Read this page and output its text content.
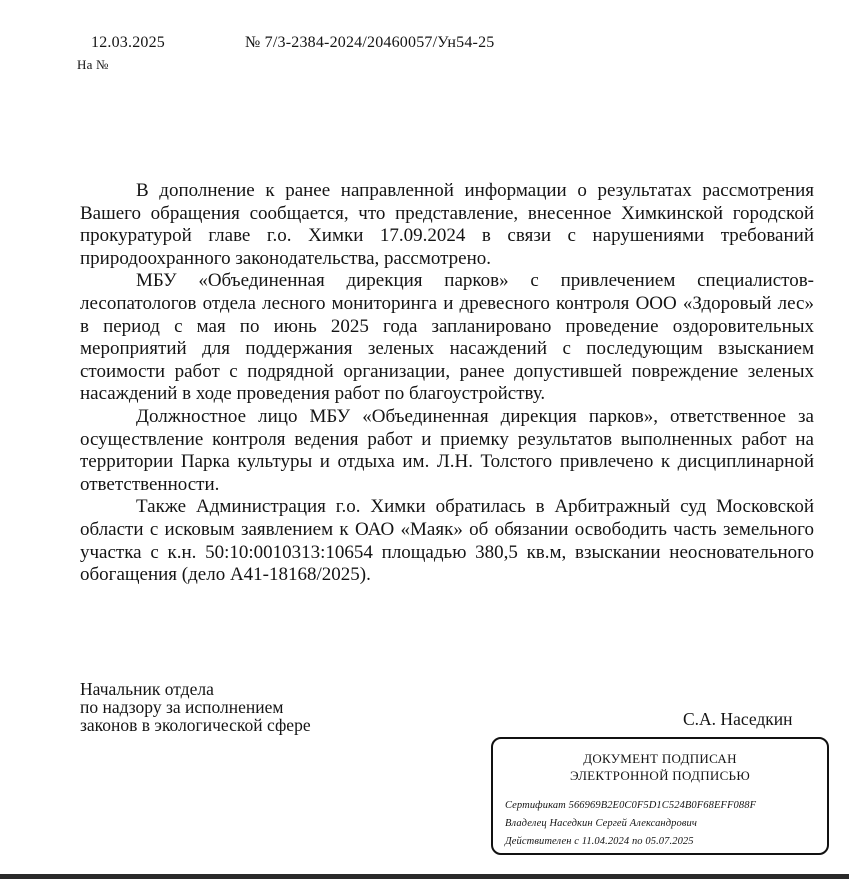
12.03.2025	№ 7/3-2384-2024/20460057/Ун54-25
На №

В дополнение к ранее направленной информации о результатах рассмотрения Вашего обращения сообщается, что представление, внесенное Химкинской городской прокуратурой главе г.о. Химки 17.09.2024 в связи с нарушениями требований природоохранного законодательства, рассмотрено.

МБУ «Объединенная дирекция парков» с привлечением специалистов-лесопатологов отдела лесного мониторинга и древесного контроля ООО «Здоровый лес» в период с мая по июнь 2025 года запланировано проведение оздоровительных мероприятий для поддержания зеленых насаждений с последующим взысканием стоимости работ с подрядной организации, ранее допустившей повреждение зеленых насаждений в ходе проведения работ по благоустройству.

Должностное лицо МБУ «Объединенная дирекция парков», ответственное за осуществление контроля ведения работ и приемку результатов выполненных работ на территории Парка культуры и отдыха им. Л.Н. Толстого привлечено к дисциплинарной ответственности.

Также Администрация г.о. Химки обратилась в Арбитражный суд Московской области с исковым заявлением к ОАО «Маяк» об обязании освободить часть земельного участка с к.н. 50:10:0010313:10654 площадью 380,5 кв.м, взыскании неосновательного обогащения (дело А41-18168/2025).

Начальник отдела
по надзору за исполнением
законов в экологической сфере	С.А. Наседкин
ДОКУМЕНТ ПОДПИСАН
ЭЛЕКТРОННОЙ ПОДПИСЬЮ
Сертификат 566969B2E0C0F5D1C524B0F68EFF088F
Владелец Наседкин Сергей Александрович
Действителен с 11.04.2024 по 05.07.2025
